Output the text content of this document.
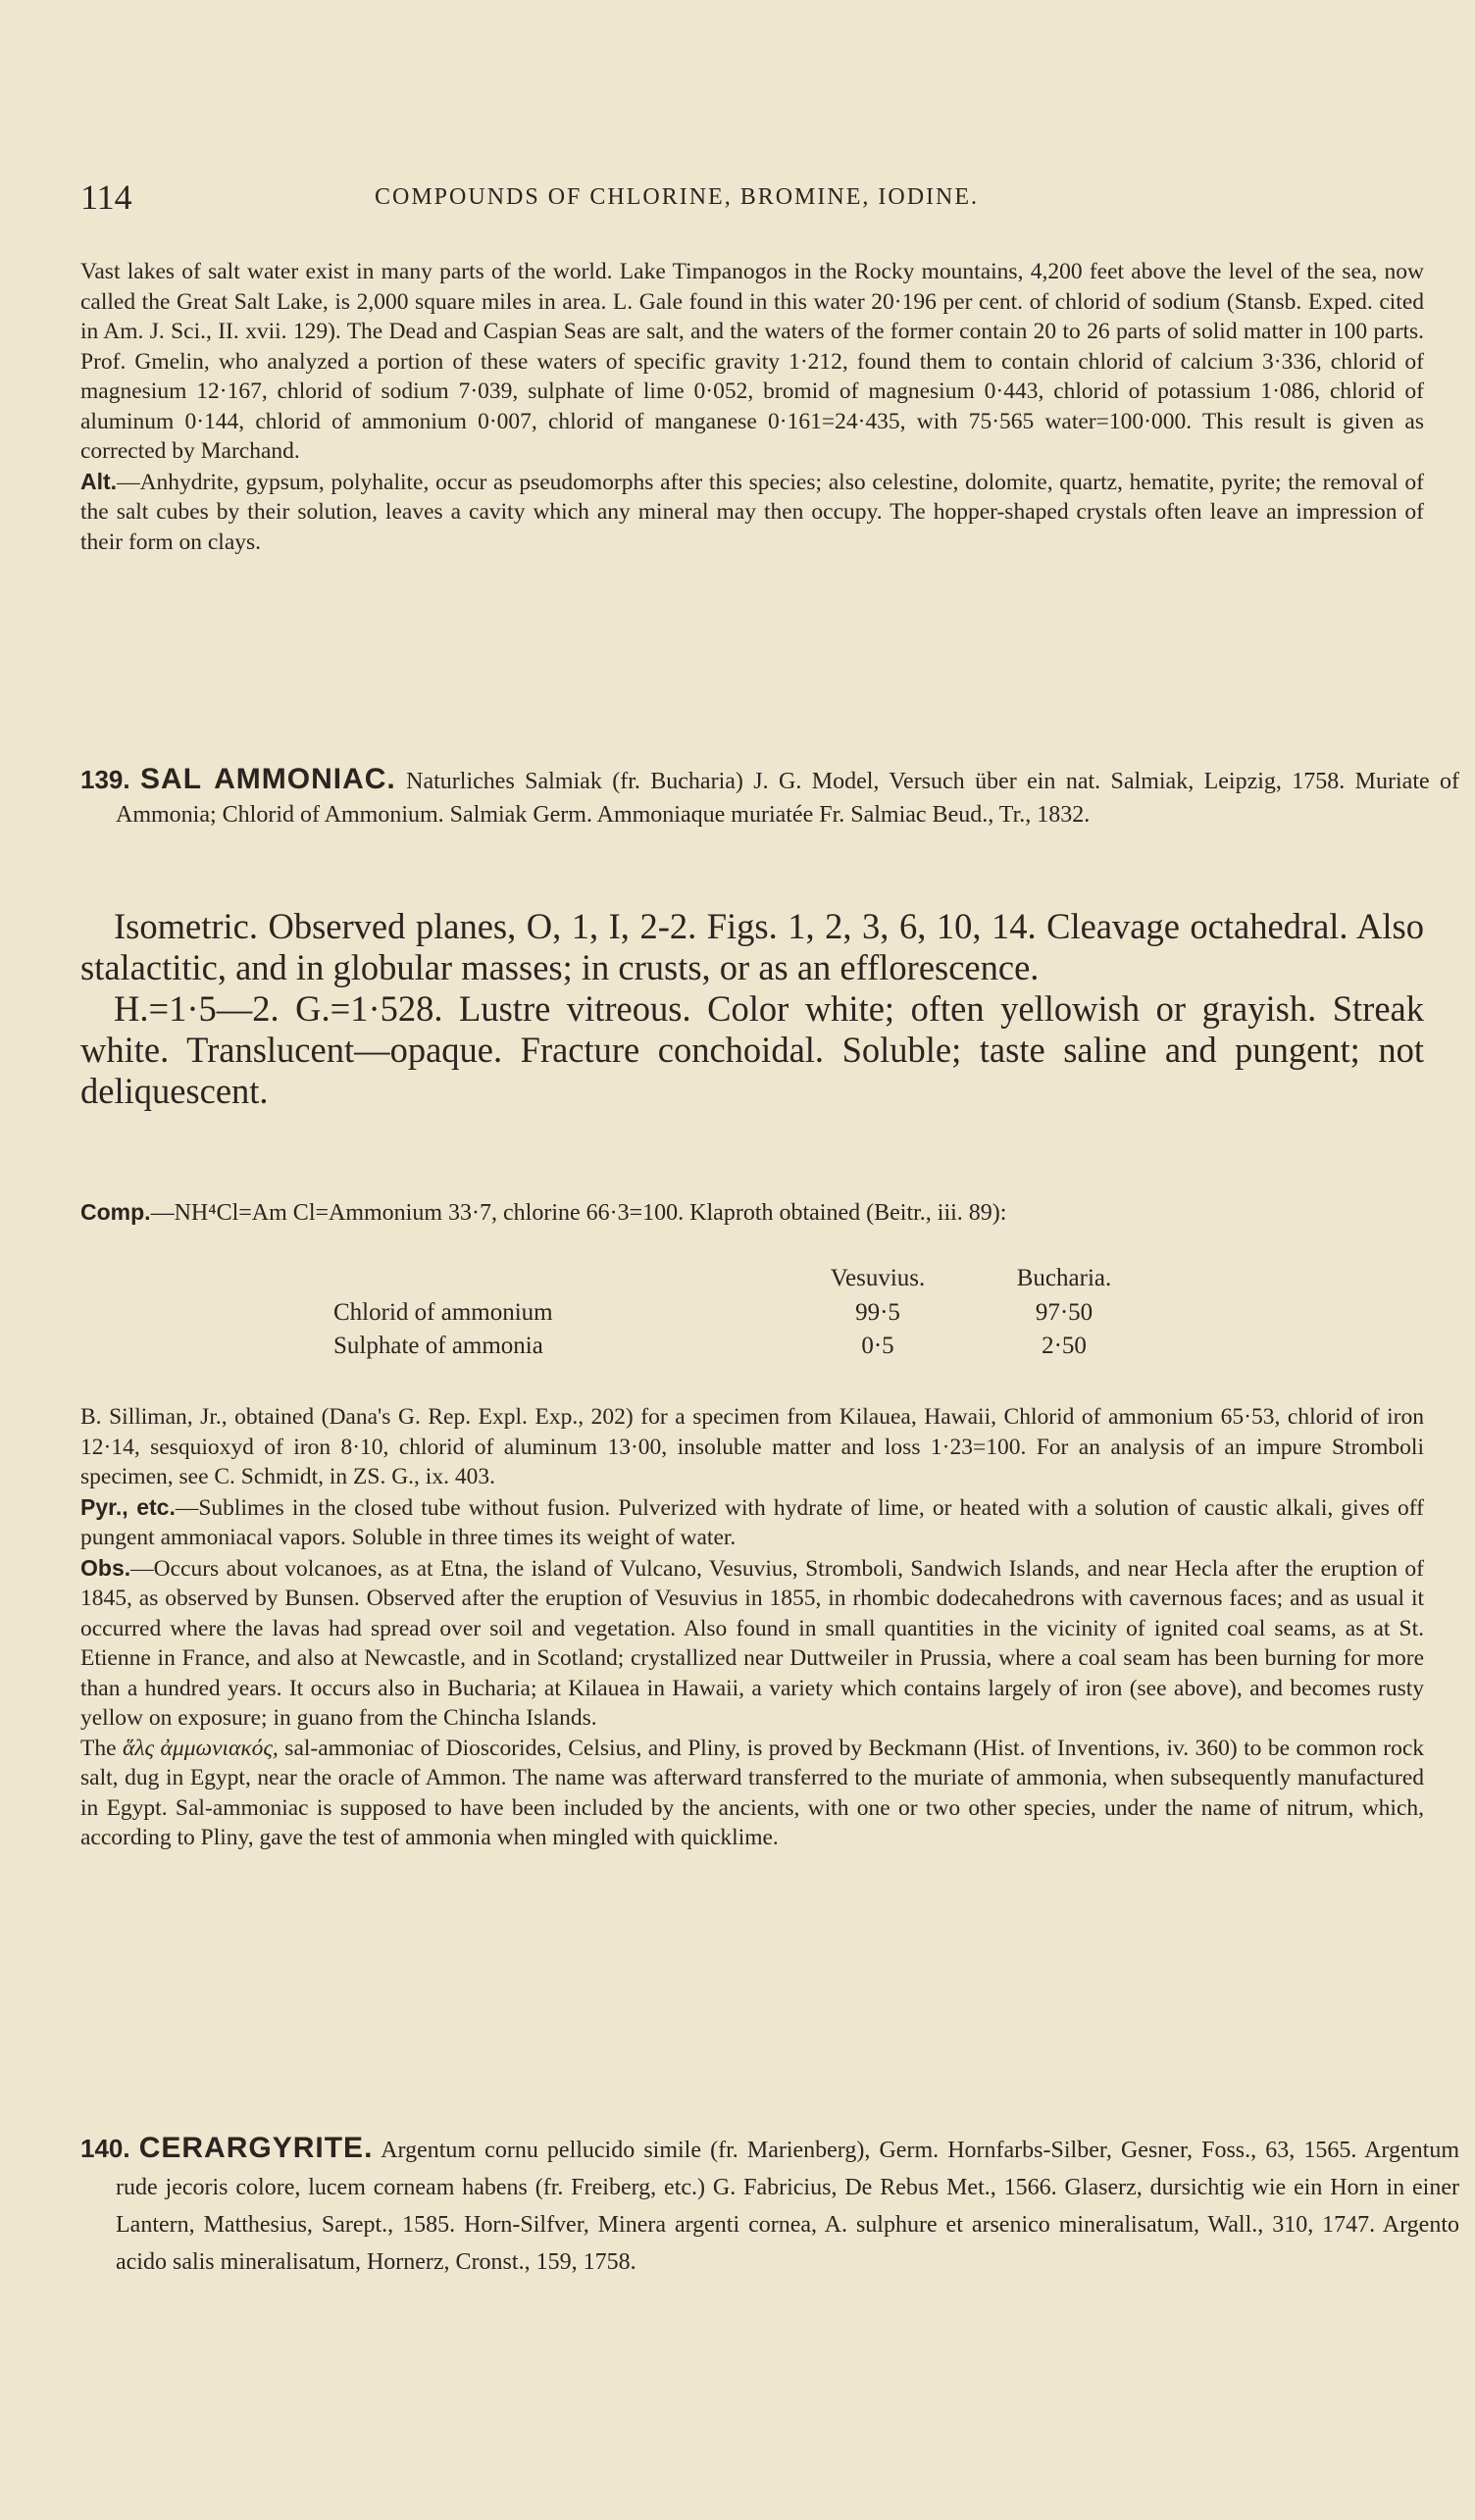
114	COMPOUNDS OF CHLORINE, BROMINE, IODINE.

Vast lakes of salt water exist in many parts of the world. Lake Timpanogos in the Rocky mountains, 4,200 feet above the level of the sea, now called the Great Salt Lake, is 2,000 square miles in area. L. Gale found in this water 20·196 per cent. of chlorid of sodium (Stansb. Exped. cited in Am. J. Sci., II. xvii. 129). The Dead and Caspian Seas are salt, and the waters of the former contain 20 to 26 parts of solid matter in 100 parts. Prof. Gmelin, who analyzed a portion of these waters of specific gravity 1·212, found them to contain chlorid of calcium 3·336, chlorid of magnesium 12·167, chlorid of sodium 7·039, sulphate of lime 0·052, bromid of magnesium 0·443, chlorid of potassium 1·086, chlorid of aluminum 0·144, chlorid of ammonium 0·007, chlorid of manganese 0·161=24·435, with 75·565 water=100·000. This result is given as corrected by Marchand.

Alt.—Anhydrite, gypsum, polyhalite, occur as pseudomorphs after this species; also celestine, dolomite, quartz, hematite, pyrite; the removal of the salt cubes by their solution, leaves a cavity which any mineral may then occupy. The hopper-shaped crystals often leave an impression of their form on clays.

139. SAL AMMONIAC. Naturliches Salmiak (fr. Bucharia) J. G. Model, Versuch über ein nat. Salmiak, Leipzig, 1758. Muriate of Ammonia; Chlorid of Ammonium. Salmiak Germ. Ammoniaque muriatée Fr. Salmiac Beud., Tr., 1832.

Isometric. Observed planes, O, 1, I, 2-2. Figs. 1, 2, 3, 6, 10, 14. Cleavage octahedral. Also stalactitic, and in globular masses; in crusts, or as an efflorescence.

H.=1·5—2. G.=1·528. Lustre vitreous. Color white; often yellowish or grayish. Streak white. Translucent—opaque. Fracture conchoidal. Soluble; taste saline and pungent; not deliquescent.

Comp.—NH⁴Cl=Am Cl=Ammonium 33·7, chlorine 66·3=100. Klaproth obtained (Beitr., iii. 89):

	Vesuvius.	Bucharia.
Chlorid of ammonium	99·5	97·50
Sulphate of ammonia	0·5	2·50

B. Silliman, Jr., obtained (Dana's G. Rep. Expl. Exp., 202) for a specimen from Kilauea, Hawaii, Chlorid of ammonium 65·53, chlorid of iron 12·14, sesquioxyd of iron 8·10, chlorid of aluminum 13·00, insoluble matter and loss 1·23=100. For an analysis of an impure Stromboli specimen, see C. Schmidt, in ZS. G., ix. 403.

Pyr., etc.—Sublimes in the closed tube without fusion. Pulverized with hydrate of lime, or heated with a solution of caustic alkali, gives off pungent ammoniacal vapors. Soluble in three times its weight of water.

Obs.—Occurs about volcanoes, as at Etna, the island of Vulcano, Vesuvius, Stromboli, Sandwich Islands, and near Hecla after the eruption of 1845, as observed by Bunsen. Observed after the eruption of Vesuvius in 1855, in rhombic dodecahedrons with cavernous faces; and as usual it occurred where the lavas had spread over soil and vegetation. Also found in small quantities in the vicinity of ignited coal seams, as at St. Etienne in France, and also at Newcastle, and in Scotland; crystallized near Duttweiler in Prussia, where a coal seam has been burning for more than a hundred years. It occurs also in Bucharia; at Kilauea in Hawaii, a variety which contains largely of iron (see above), and becomes rusty yellow on exposure; in guano from the Chincha Islands.

The ἅλς ἀμμωνιακός, sal-ammoniac of Dioscorides, Celsius, and Pliny, is proved by Beckmann (Hist. of Inventions, iv. 360) to be common rock salt, dug in Egypt, near the oracle of Ammon. The name was afterward transferred to the muriate of ammonia, when subsequently manufactured in Egypt. Sal-ammoniac is supposed to have been included by the ancients, with one or two other species, under the name of nitrum, which, according to Pliny, gave the test of ammonia when mingled with quicklime.

140. CERARGYRITE. Argentum cornu pellucido simile (fr. Marienberg), Germ. Hornfarbs-Silber, Gesner, Foss., 63, 1565. Argentum rude jecoris colore, lucem corneam habens (fr. Freiberg, etc.) G. Fabricius, De Rebus Met., 1566. Glaserz, dursichtig wie ein Horn in einer Lantern, Matthesius, Sarept., 1585. Horn-Silfver, Minera argenti cornea, A. sulphure et arsenico mineralisatum, Wall., 310, 1747. Argento acido salis mineralisatum, Hornerz, Cronst., 159, 1758.
